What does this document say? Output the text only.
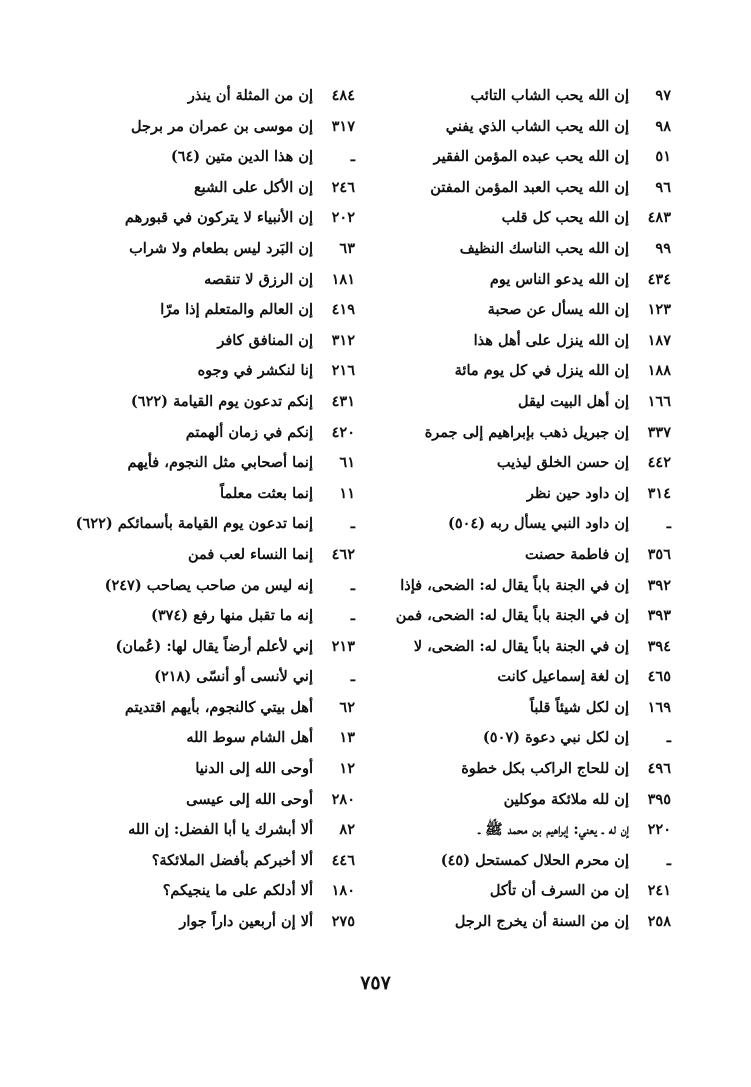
٩٧
إن الله يحب الشاب التائب
٩٨
إن الله يحب الشاب الذي يفني
٥١
إن الله يحب عبده المؤمن الفقير
٩٦
إن الله يحب العبد المؤمن المفتن
٤٨٣
إن الله يحب كل قلب
٩٩
إن الله يحب الناسك النظيف
٤٣٤
إن الله يدعو الناس يوم
١٢٣
إن الله يسأل عن صحبة
١٨٧
إن الله ينزل على أهل هذا
١٨٨
إن الله ينزل في كل يوم مائة
١٦٦
إن أهل البيت ليقل
٣٣٧
إن جبريل ذهب بإبراهيم إلى جمرة
٤٤٢
إن حسن الخلق ليذيب
٣١٤
إن داود حين نظر
ـ
إن داود النبي يسأل ربه (٥٠٤)
٣٥٦
إن فاطمة حصنت
٣٩٢
إن في الجنة باباً يقال له: الضحى، فإذا
٣٩٣
إن في الجنة باباً يقال له: الضحى، فمن
٣٩٤
إن في الجنة باباً يقال له: الضحى، لا
٤٦٥
إن لغة إسماعيل كانت
١٦٩
إن لكل شيئاً قلباً
ـ
إن لكل نبي دعوة (٥٠٧)
٤٩٦
إن للحاج الراكب بكل خطوة
٣٩٥
إن لله ملائكة موكلين
٢٢٠
إن له ـ يعني: إبراهيم بن محمد ﷺ ـ
ـ
إن محرم الحلال كمستحل (٤٥)
٢٤١
إن من السرف أن تأكل
٢٥٨
إن من السنة أن يخرج الرجل
٤٨٤
إن من المثلة أن ينذر
٣١٧
إن موسى بن عمران مر برجل
ـ
إن هذا الدين متين (٦٤)
٢٤٦
إن الأكل على الشبع
٢٠٢
إن الأنبياء لا يتركون في قبورهم
٦٣
إن البَرد ليس بطعام ولا شراب
١٨١
إن الرزق لا تنقصه
٤١٩
إن العالم والمتعلم إذا مرّا
٣١٢
إن المنافق كافر
٢١٦
إنا لنكشر في وجوه
٤٣١
إنكم تدعون يوم القيامة (٦٢٢)
٤٢٠
إنكم في زمان ألهمتم
٦١
إنما أصحابي مثل النجوم، فأيهم
١١
إنما بعثت معلماً
ـ
إنما تدعون يوم القيامة بأسمائكم (٦٢٢)
٤٦٢
إنما النساء لعب فمن
ـ
إنه ليس من صاحب يصاحب (٢٤٧)
ـ
إنه ما تقبل منها رفع (٣٧٤)
٢١٣
إني لأعلم أرضاً يقال لها: (عُمان)
ـ
إني لأنسى أو أنسّى (٢١٨)
٦٢
أهل بيتي كالنجوم، بأيهم اقتديتم
١٣
أهل الشام سوط الله
١٢
أوحى الله إلى الدنيا
٢٨٠
أوحى الله إلى عيسى
٨٢
ألا أبشرك يا أبا الفضل: إن الله
٤٤٦
ألا أخبركم بأفضل الملائكة؟
١٨٠
ألا أدلكم على ما ينجيكم؟
٢٧٥
ألا إن أربعين داراً جوار
٧٥٧
